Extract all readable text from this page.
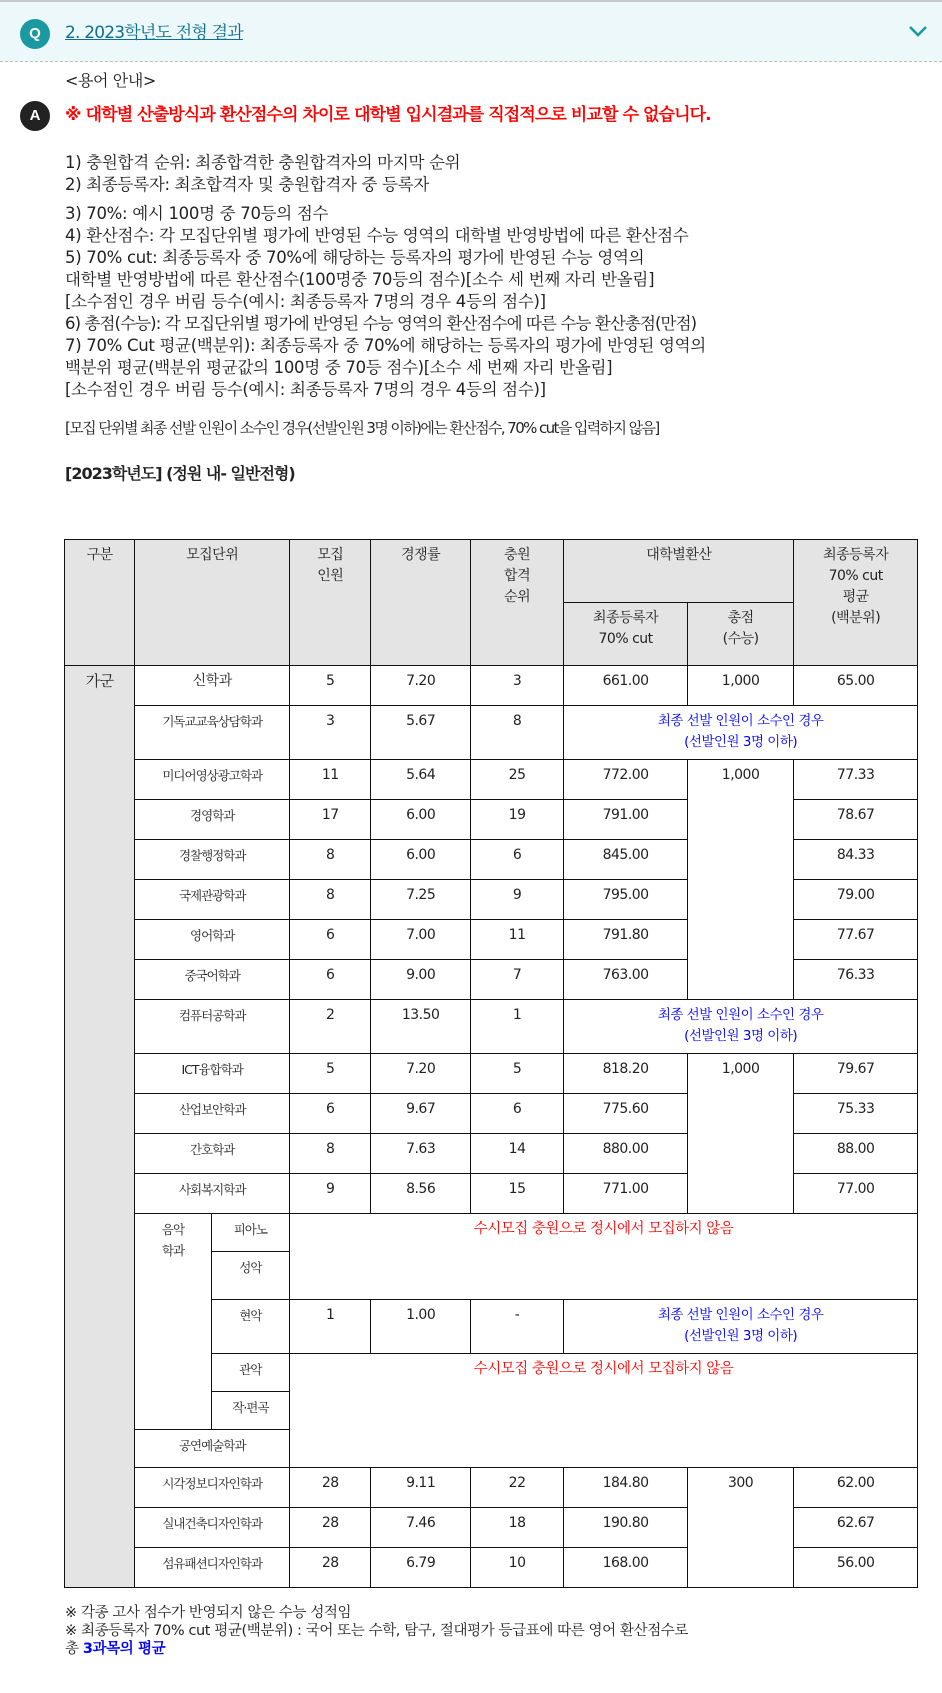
Q	2. 2023학년도 전형 결과
A
<용어 안내>
※ 대학별 산출방식과 환산점수의 차이로 대학별 입시결과를 직접적으로 비교할 수 없습니다.
1) 충원합격 순위: 최종합격한 충원합격자의 마지막 순위
2) 최종등록자: 최초합격자 및 충원합격자 중 등록자
3) 70%: 예시 100명 중 70등의 점수
4) 환산점수: 각 모집단위별 평가에 반영된 수능 영역의 대학별 반영방법에 따른 환산점수
5) 70% cut: 최종등록자 중 70%에 해당하는 등록자의 평가에 반영된 수능 영역의
대학별 반영방법에 따른 환산점수(100명중 70등의 점수)[소수 세 번째 자리 반올림]
[소수점인 경우 버림 등수(예시: 최종등록자 7명의 경우 4등의 점수)]
6) 총점(수능): 각 모집단위별 평가에 반영된 수능 영역의 환산점수에 따른 수능 환산총점(만점)
7) 70% Cut 평균(백분위): 최종등록자 중 70%에 해당하는 등록자의 평가에 반영된 영역의
백분위 평균(백분위 평균값의 100명 중 70등 점수)[소수 세 번째 자리 반올림]
[소수점인 경우 버림 등수(예시: 최종등록자 7명의 경우 4등의 점수)]
[모집 단위별 최종 선발 인원이 소수인 경우(선발인원 3명 이하)에는 환산점수, 70% cut을 입력하지 않음]
[2023학년도] (정원 내- 일반전형)
구분	모집단위		모집
인원	경쟁률	충원
합격
순위	대학별환산		최종등록자
70% cut
평균
(백분위)
						최종등록자
70% cut	총점
(수능)	
가군	신학과		5	7.20	3	661.00	1,000	65.00
	기독교교육상담학과		3	5.67	8	최종 선발 인원이 소수인 경우
(선발인원 3명 이하)		
	미디어영상광고학과		11	5.64	25	772.00	1,000	77.33
	경영학과		17	6.00	19	791.00		78.67
	경찰행정학과		8	6.00	6	845.00		84.33
	국제관광학과		8	7.25	9	795.00		79.00
	영어학과		6	7.00	11	791.80		77.67
	중국어학과		6	9.00	7	763.00		76.33
	컴퓨터공학과		2	13.50	1	최종 선발 인원이 소수인 경우
(선발인원 3명 이하)		
	ICT융합학과		5	7.20	5	818.20	1,000	79.67
	산업보안학과		6	9.67	6	775.60		75.33
	간호학과		8	7.63	14	880.00		88.00
	사회복지학과		9	8.56	15	771.00		77.00
	음악
학과	피아노	수시모집 충원으로 정시에서 모집하지 않음					
		성악						
		현악	1	1.00	-	최종 선발 인원이 소수인 경우
(선발인원 3명 이하)		
		관악	수시모집 충원으로 정시에서 모집하지 않음					
		작·편곡						
	공연예술학과							
	시각정보디자인학과		28	9.11	22	184.80	300	62.00
	실내건축디자인학과		28	7.46	18	190.80		62.67
	섬유패션디자인학과		28	6.79	10	168.00		56.00
※ 각종 고사 점수가 반영되지 않은 수능 성적임
※ 최종등록자 70% cut 평균(백분위) : 국어 또는 수학, 탐구, 절대평가 등급표에 따른 영어 환산점수로
총 3과목의 평균
